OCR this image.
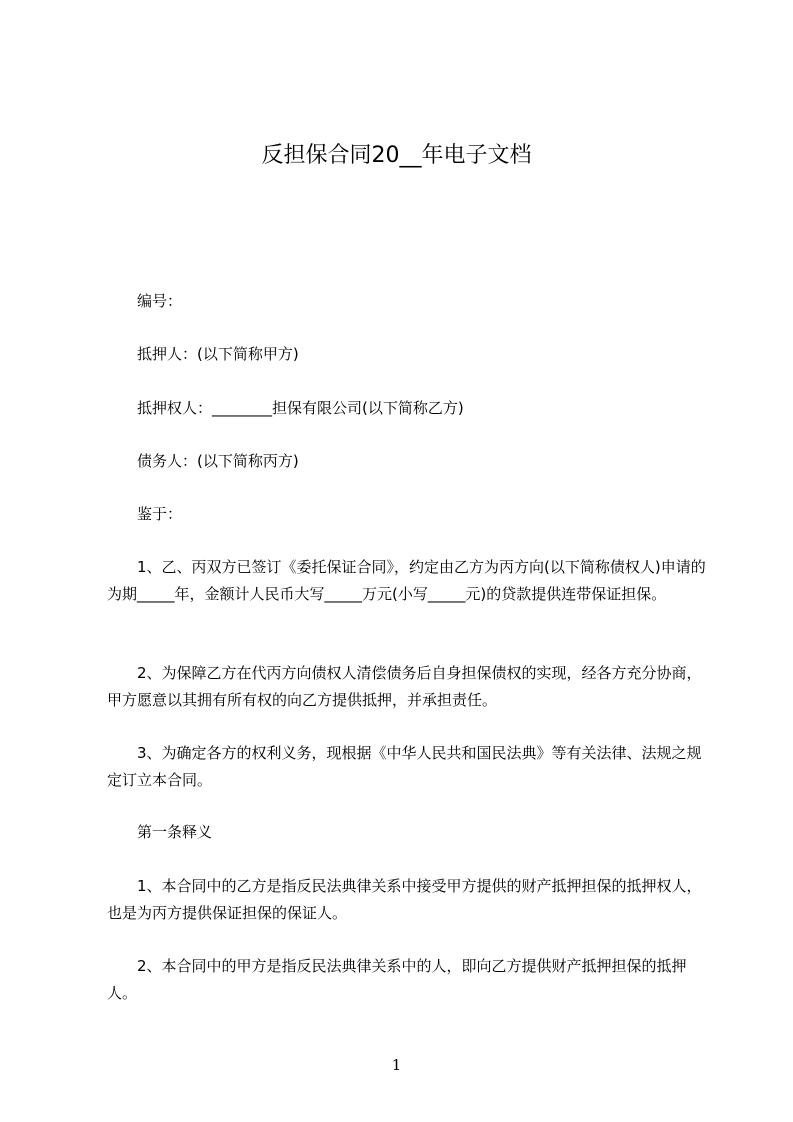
反担保合同20__年电子文档
编号：
抵押人：(以下简称甲方)
抵押权人：________担保有限公司(以下简称乙方)
债务人：(以下简称丙方)
鉴于：
1、乙、丙双方已签订《委托保证合同》，约定由乙方为丙方向(以下简称债权人)申请的为期_____年，金额计人民币大写_____万元(小写_____元)的贷款提供连带保证担保。
2、为保障乙方在代丙方向债权人清偿债务后自身担保债权的实现，经各方充分协商，甲方愿意以其拥有所有权的向乙方提供抵押，并承担责任。
3、为确定各方的权利义务，现根据《中华人民共和国民法典》等有关法律、法规之规定订立本合同。
第一条释义
1、本合同中的乙方是指反民法典律关系中接受甲方提供的财产抵押担保的抵押权人，也是为丙方提供保证担保的保证人。
2、本合同中的甲方是指反民法典律关系中的人，即向乙方提供财产抵押担保的抵押人。
1
